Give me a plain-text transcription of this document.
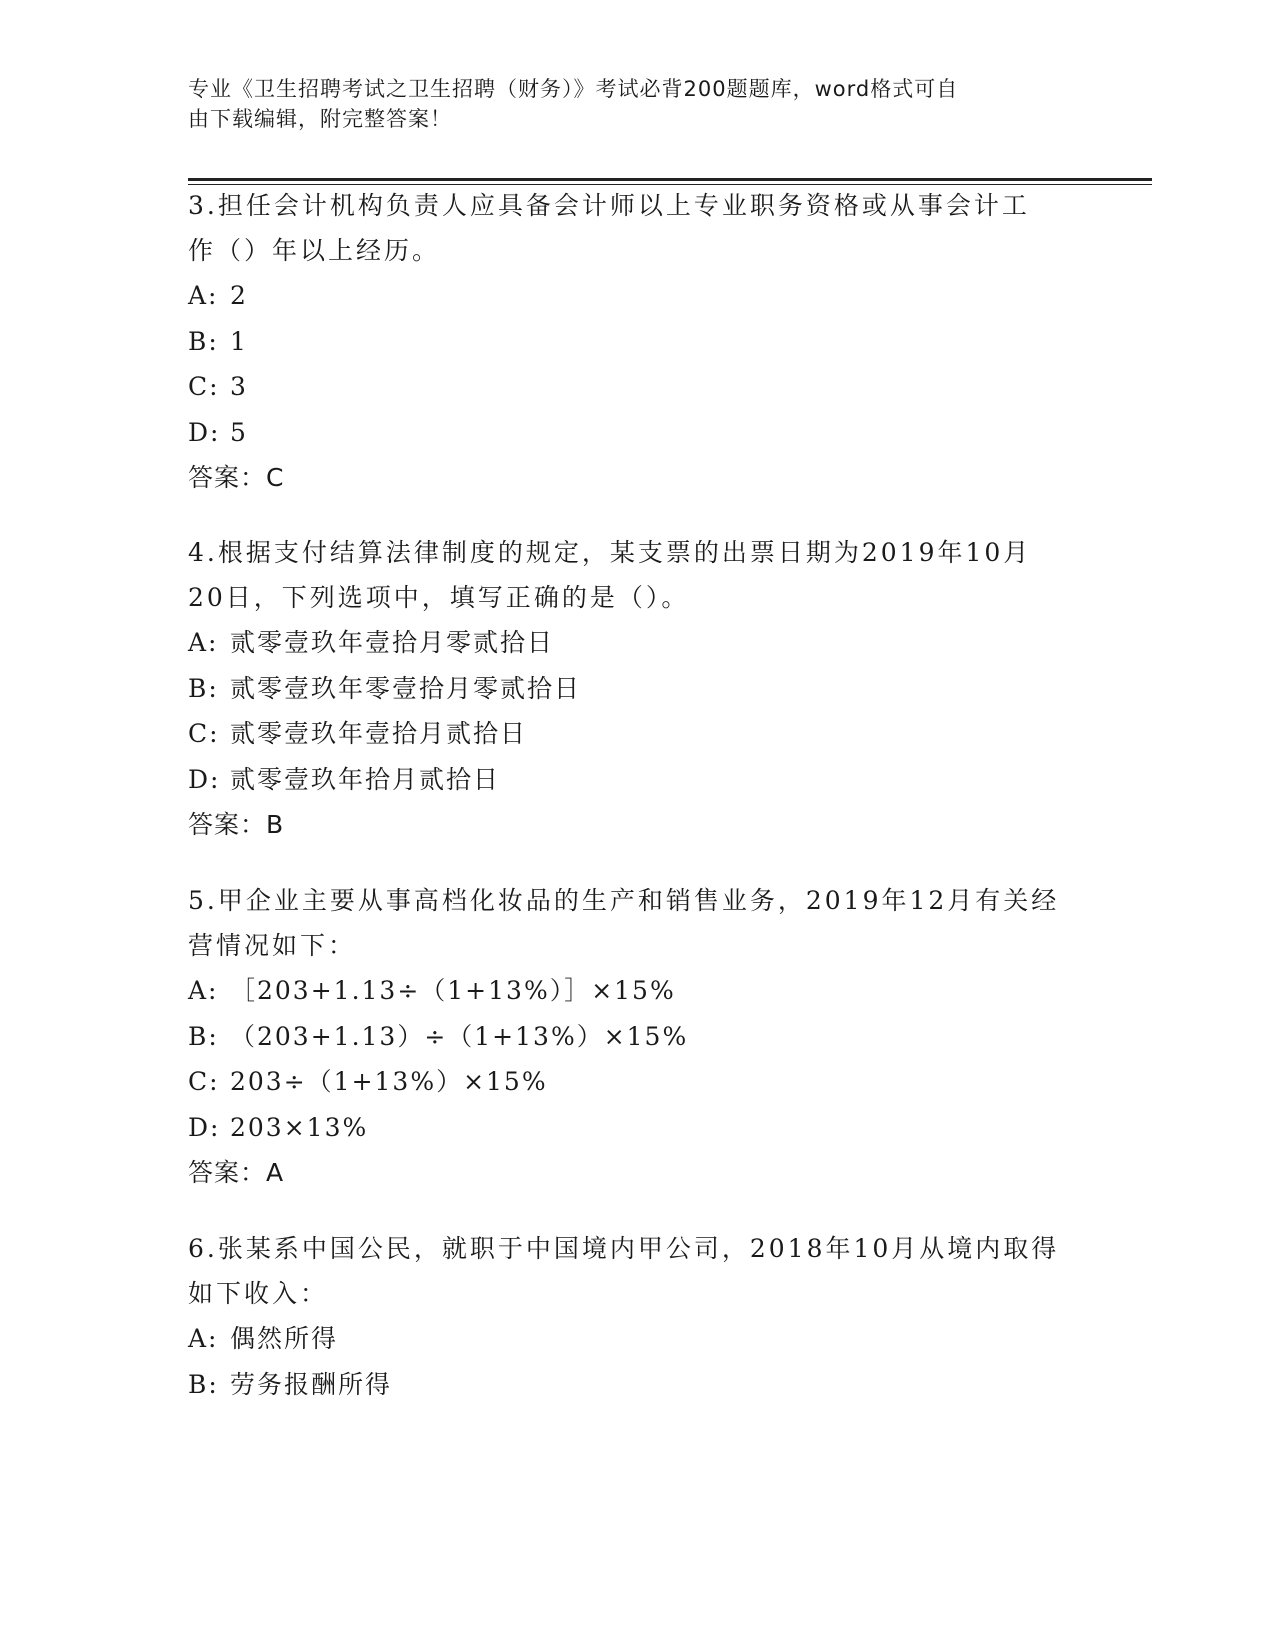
专业《卫生招聘考试之卫生招聘（财务）》考试必背200题题库，word格式可自
由下载编辑，附完整答案！

3.担任会计机构负责人应具备会计师以上专业职务资格或从事会计工
作（）年以上经历。

A: 2

B: 1

C: 3

D: 5

答案：C

4.根据支付结算法律制度的规定，某支票的出票日期为2019年10月
20日，下列选项中，填写正确的是（）。

A: 贰零壹玖年壹拾月零贰拾日

B: 贰零壹玖年零壹拾月零贰拾日

C: 贰零壹玖年壹拾月贰拾日

D: 贰零壹玖年拾月贰拾日

答案：B

5.甲企业主要从事高档化妆品的生产和销售业务，2019年12月有关经
营情况如下：

A: ［203+1.13÷（1+13%）］×15%

B: （203+1.13）÷（1+13%）×15%

C: 203÷（1+13%）×15%

D: 203×13%

答案：A

6.张某系中国公民，就职于中国境内甲公司，2018年10月从境内取得
如下收入：

A: 偶然所得

B: 劳务报酬所得
